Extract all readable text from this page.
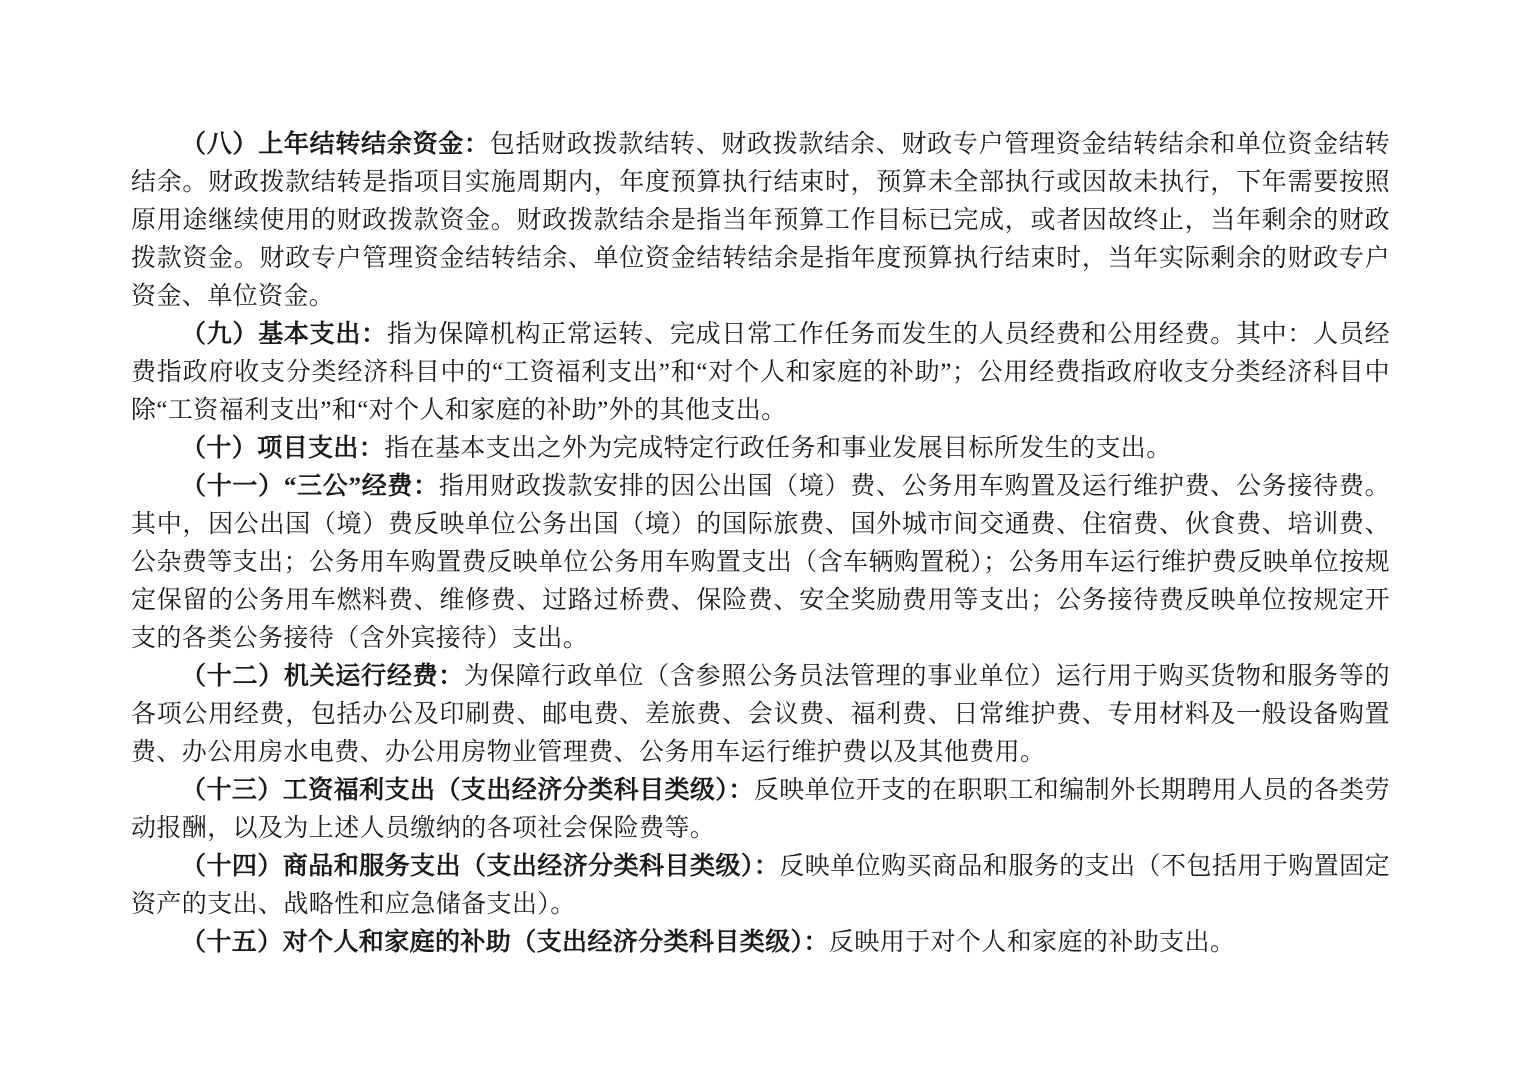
（八）上年结转结余资金：包括财政拨款结转、财政拨款结余、财政专户管理资金结转结余和单位资金结转结余。财政拨款结转是指项目实施周期内，年度预算执行结束时，预算未全部执行或因故未执行，下年需要按照原用途继续使用的财政拨款资金。财政拨款结余是指当年预算工作目标已完成，或者因故终止，当年剩余的财政拨款资金。财政专户管理资金结转结余、单位资金结转结余是指年度预算执行结束时，当年实际剩余的财政专户资金、单位资金。

（九）基本支出：指为保障机构正常运转、完成日常工作任务而发生的人员经费和公用经费。其中：人员经费指政府收支分类经济科目中的“工资福利支出”和“对个人和家庭的补助”；公用经费指政府收支分类经济科目中除“工资福利支出”和“对个人和家庭的补助”外的其他支出。

（十）项目支出：指在基本支出之外为完成特定行政任务和事业发展目标所发生的支出。

（十一）“三公”经费：指用财政拨款安排的因公出国（境）费、公务用车购置及运行维护费、公务接待费。其中，因公出国（境）费反映单位公务出国（境）的国际旅费、国外城市间交通费、住宿费、伙食费、培训费、公杂费等支出；公务用车购置费反映单位公务用车购置支出（含车辆购置税）；公务用车运行维护费反映单位按规定保留的公务用车燃料费、维修费、过路过桥费、保险费、安全奖励费用等支出；公务接待费反映单位按规定开支的各类公务接待（含外宾接待）支出。

（十二）机关运行经费：为保障行政单位（含参照公务员法管理的事业单位）运行用于购买货物和服务等的各项公用经费，包括办公及印刷费、邮电费、差旅费、会议费、福利费、日常维护费、专用材料及一般设备购置费、办公用房水电费、办公用房物业管理费、公务用车运行维护费以及其他费用。

（十三）工资福利支出（支出经济分类科目类级）：反映单位开支的在职职工和编制外长期聘用人员的各类劳动报酬，以及为上述人员缴纳的各项社会保险费等。

（十四）商品和服务支出（支出经济分类科目类级）：反映单位购买商品和服务的支出（不包括用于购置固定资产的支出、战略性和应急储备支出）。

（十五）对个人和家庭的补助（支出经济分类科目类级）：反映用于对个人和家庭的补助支出。
